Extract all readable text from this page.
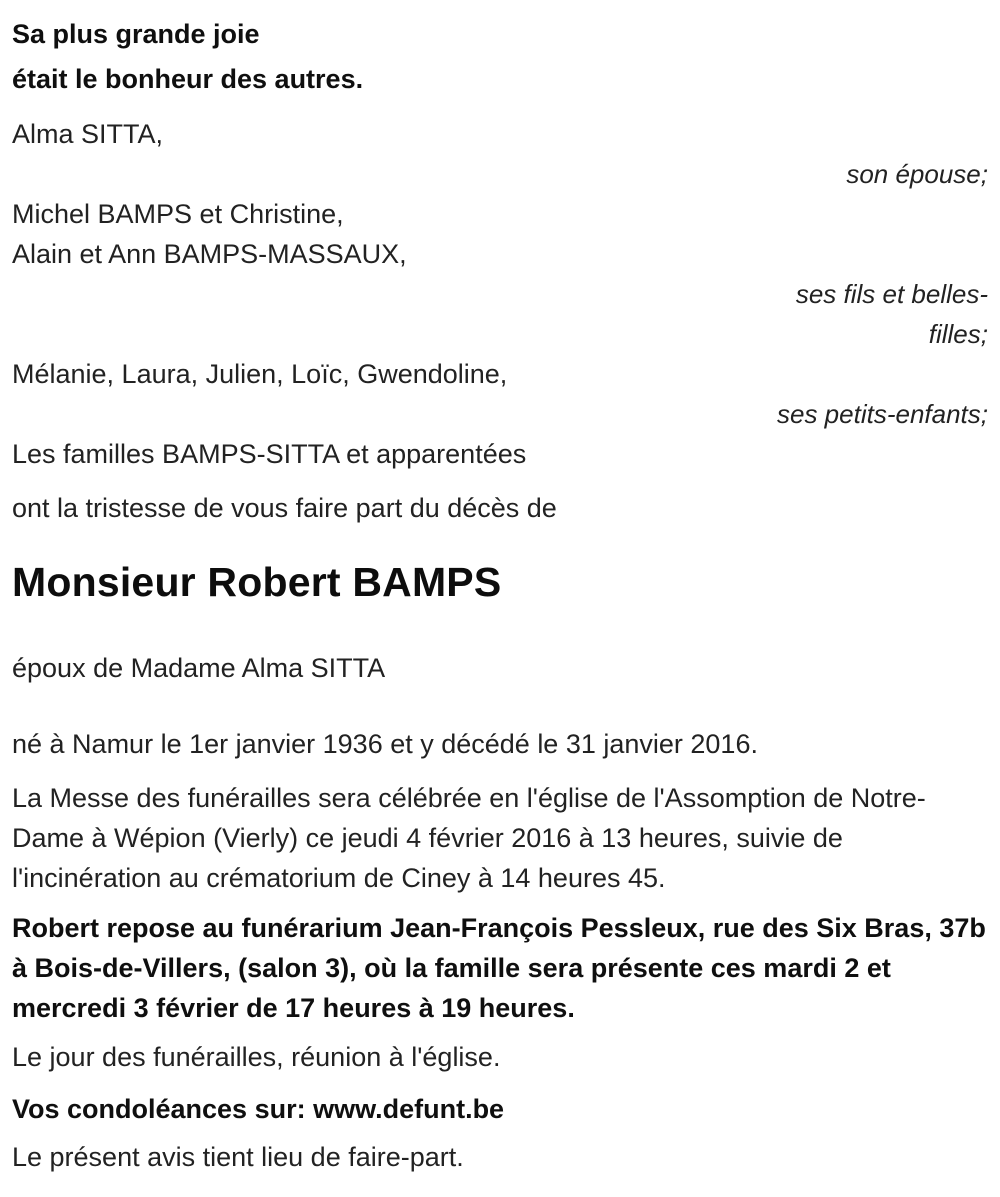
Sa plus grande joie
était le bonheur des autres.
Alma SITTA,
son épouse;
Michel BAMPS et Christine,
Alain et Ann BAMPS-MASSAUX,
ses fils et belles-
filles;
Mélanie, Laura, Julien, Loïc, Gwendoline,
ses petits-enfants;
Les familles BAMPS-SITTA et apparentées

ont la tristesse de vous faire part du décès de

Monsieur Robert BAMPS

époux de Madame Alma SITTA

né à Namur le 1er janvier 1936 et y décédé le 31 janvier 2016.

La Messe des funérailles sera célébrée en l'église de l'Assomption de Notre-Dame à Wépion (Vierly) ce jeudi 4 février 2016 à 13 heures, suivie de l'incinération au crématorium de Ciney à 14 heures 45.

Robert repose au funérarium Jean-François Pessleux, rue des Six Bras, 37b à Bois-de-Villers, (salon 3), où la famille sera présente ces mardi 2 et mercredi 3 février de 17 heures à 19 heures.

Le jour des funérailles, réunion à l'église.

Vos condoléances sur: www.defunt.be

Le présent avis tient lieu de faire-part.
